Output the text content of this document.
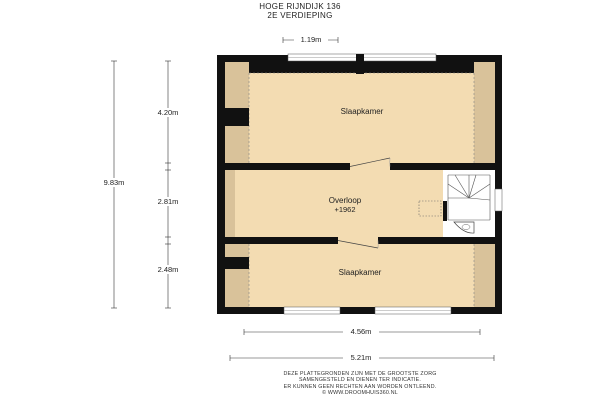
HOGE RIJNDIJK 136
2E VERDIEPING
Slaapkamer
Overloop
+1962
Slaapkamer
1.19m
9.83m
4.20m
2.81m
2.48m
4.56m
5.21m
DEZE PLATTEGRONDEN ZIJN MET DE GROOTSTE ZORG
SAMENGESTELD EN DIENEN TER INDICATIE.
ER KUNNEN GEEN RECHTEN AAN WORDEN ONTLEEND.
© WWW.DROOMHUIS360.NL
